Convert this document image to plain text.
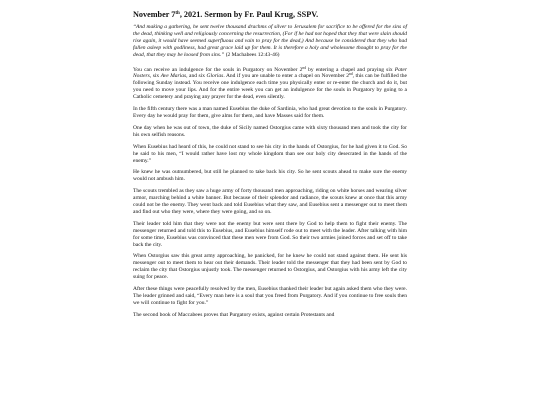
November 7th, 2021. Sermon by Fr. Paul Krug, SSPV.

“And making a gathering, he sent twelve thousand drachms of silver to Jerusalem for sacrifice to be offered for the sins of the dead, thinking well and religiously concerning the resurrection, (For if he had not hoped that they that were slain should rise again, it would have seemed superfluous and vain to pray for the dead,) And because he considered that they who had fallen asleep with godliness, had great grace laid up for them. It is therefore a holy and wholesome thought to pray for the dead, that they may be loosed from sins.” (2 Machabees 12:43-46)

You can receive an indulgence for the souls in Purgatory on November 2nd by entering a chapel and praying six Pater Nosters, six Ave Marias, and six Glorias. And if you are unable to enter a chapel on November 2nd, this can be fulfilled the following Sunday instead. You receive one indulgence each time you physically enter or re-enter the church and do it, but you need to move your lips. And for the entire week you can get an indulgence for the souls in Purgatory by going to a Catholic cemetery and praying any prayer for the dead, even silently.

In the fifth century there was a man named Eusebius the duke of Sardinia, who had great devotion to the souls in Purgatory. Every day he would pray for them, give alms for them, and have Masses said for them.

One day when he was out of town, the duke of Sicily named Ostorgius came with sixty thousand men and took the city for his own selfish reasons.

When Eusebius had heard of this, he could not stand to see his city in the hands of Ostorgius, for he had given it to God. So he said to his men, “I would rather have lost my whole kingdom than see our holy city desecrated in the hands of the enemy.”

He knew he was outnumbered, but still he planned to take back his city. So he sent scouts ahead to make sure the enemy would not ambush him.

The scouts trembled as they saw a huge army of forty thousand men approaching, riding on white horses and wearing silver armor, marching behind a white banner. But because of their splendor and radiance, the scouts knew at once that this army could not be the enemy. They went back and told Eusebius what they saw, and Eusebius sent a messenger out to meet them and find out who they were, where they were going, and so on.

Their leader told him that they were not the enemy but were sent there by God to help them to fight their enemy. The messenger returned and told this to Eusebius, and Eusebius himself rode out to meet with the leader. After talking with him for some time, Eusebius was convinced that these men were from God. So their two armies joined forces and set off to take back the city.

When Ostorgius saw this great army approaching, he panicked, for he knew he could not stand against them. He sent his messenger out to meet them to hear out their demands. Their leader told the messenger that they had been sent by God to reclaim the city that Ostorgius unjustly took. The messenger returned to Ostorgius, and Ostorgius with his army left the city suing for peace.

After these things were peacefully resolved by the men, Eusebius thanked their leader but again asked them who they were. The leader grinned and said, “Every man here is a soul that you freed from Purgatory. And if you continue to free souls then we will continue to fight for you.”

The second book of Maccabees proves that Purgatory exists, against certain Protestants and
